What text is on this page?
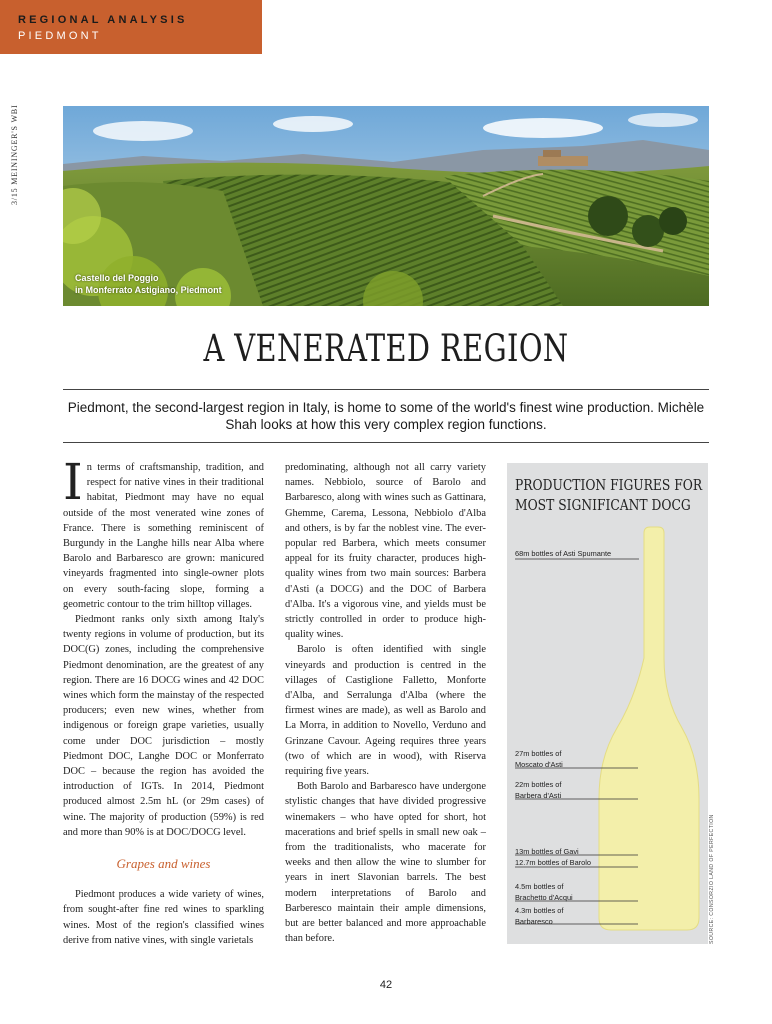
REGIONAL ANALYSIS
PIEDMONT
3/15 MEININGER'S WBI
Castello del Poggio
in Monferrato Astigiano, Piedmont
A VENERATED REGION
Piedmont, the second-largest region in Italy, is home to some of the world's finest wine production. Michèle Shah looks at how this very complex region functions.

In terms of craftsmanship, tradition, and respect for native vines in their traditional habitat, Piedmont may have no equal outside of the most venerated wine zones of France. There is something reminiscent of Burgundy in the Langhe hills near Alba where Barolo and Barbaresco are grown: manicured vineyards fragmented into single-owner plots on every south-facing slope, forming a geometric contour to the trim hilltop villages.

Piedmont ranks only sixth among Italy's twenty regions in volume of production, but its DOC(G) zones, including the comprehensive Piedmont denomination, are the greatest of any region. There are 16 DOCG wines and 42 DOC wines which form the mainstay of the respected producers; even new wines, whether from indigenous or foreign grape varieties, usually come under DOC jurisdiction – mostly Piedmont DOC, Langhe DOC or Monferrato DOC – because the region has avoided the introduction of IGTs. In 2014, Piedmont produced almost 2.5m hL (or 29m cases) of wine. The majority of production (59%) is red and more than 90% is at DOC/DOCG level.

Grapes and wines

Piedmont produces a wide variety of wines, from sought-after fine red wines to sparkling wines. Most of the region's classified wines derive from native vines, with single varietals

predominating, although not all carry variety names. Nebbiolo, source of Barolo and Barbaresco, along with wines such as Gattinara, Ghemme, Carema, Lessona, Nebbiolo d'Alba and others, is by far the noblest vine. The ever-popular red Barbera, which meets consumer appeal for its fruity character, produces high-quality wines from two main sources: Barbera d'Asti (a DOCG) and the DOC of Barbera d'Alba. It's a vigorous vine, and yields must be strictly controlled in order to produce high-quality wines.

Barolo is often identified with single vineyards and production is centred in the villages of Castiglione Falletto, Monforte d'Alba, and Serralunga d'Alba (where the firmest wines are made), as well as Barolo and La Morra, in addition to Novello, Verduno and Grinzane Cavour. Ageing requires three years (two of which are in wood), with Riserva requiring five years.

Both Barolo and Barbaresco have undergone stylistic changes that have divided progressive winemakers – who have opted for short, hot macerations and brief spells in small new oak – from the traditionalists, who macerate for weeks and then allow the wine to slumber for years in inert Slavonian barrels. The best modern interpretations of Barolo and Barberesco maintain their ample dimensions, but are better balanced and more approachable than before.

PRODUCTION FIGURES FOR
MOST SIGNIFICANT DOCG
68m bottles of Asti Spumante
27m bottles of
Moscato d'Asti
22m bottles of
Barbera d'Asti
13m bottles of Gavi
12.7m bottles of Barolo
4.5m bottles of
Brachetto d'Acqui
4.3m bottles of
Barbaresco	SOURCE: CONSORZIO LAND OF PERFECTION
42
